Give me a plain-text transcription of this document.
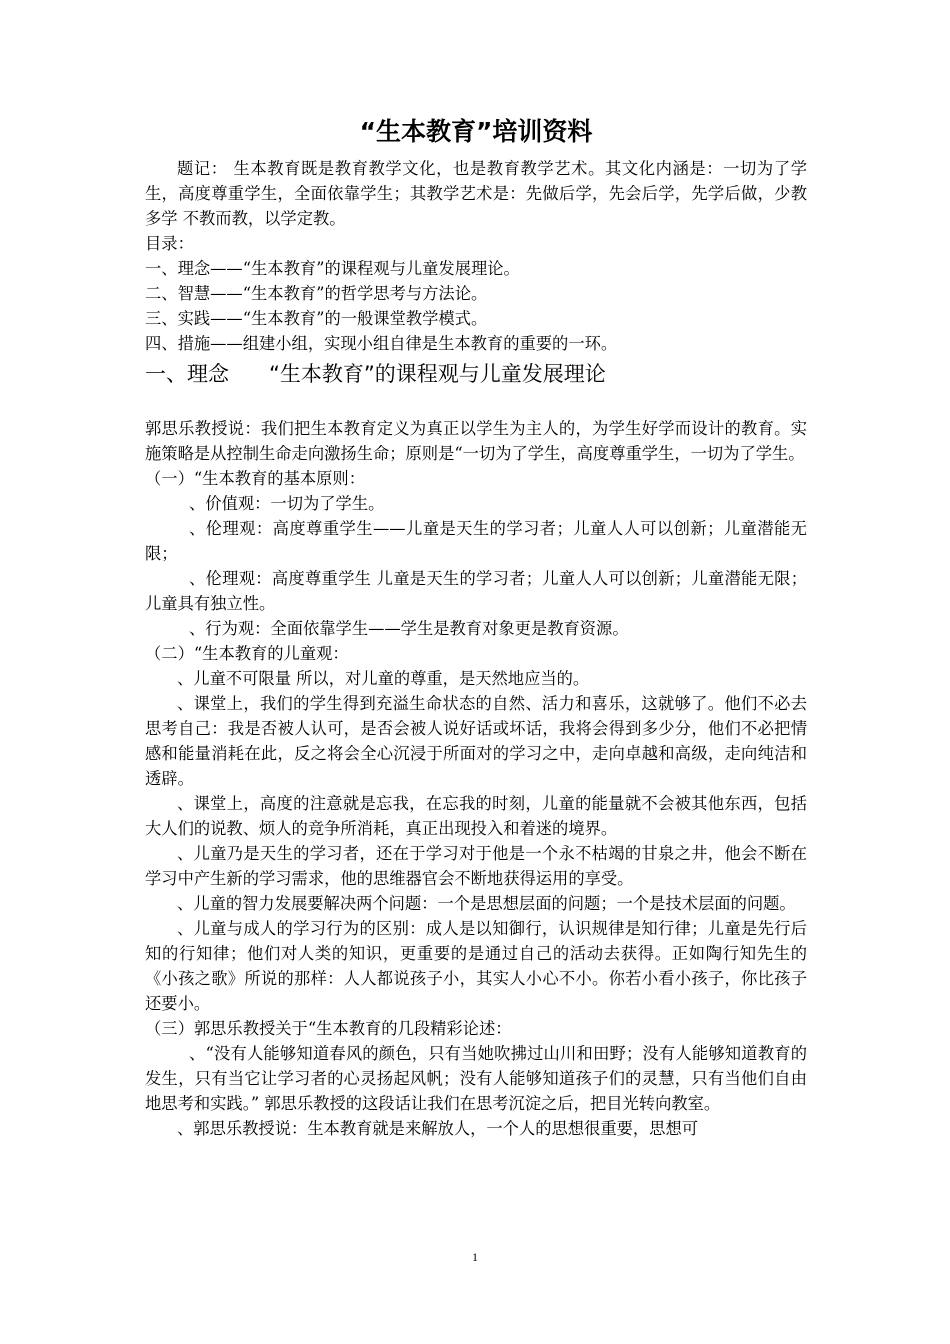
“生本教育”培训资料

题记： 生本教育既是教育教学文化，也是教育教学艺术。其文化内涵是：一切为了学生，高度尊重学生，全面依靠学生；其教学艺术是：先做后学，先会后学，先学后做，少教多学 不教而教，以学定教。

目录：

一、理念——“生本教育”的课程观与儿童发展理论。

二、智慧——“生本教育”的哲学思考与方法论。

三、实践——“生本教育”的一般课堂教学模式。

四、措施——组建小组，实现小组自律是生本教育的重要的一环。

一、理念      “生本教育”的课程观与儿童发展理论

郭思乐教授说：我们把生本教育定义为真正以学生为主人的，为学生好学而设计的教育。实施策略是从控制生命走向激扬生命；原则是“一切为了学生，高度尊重学生，一切为了学生。

（一）“生本教育的基本原则：

、价值观：一切为了学生。

、伦理观：高度尊重学生——儿童是天生的学习者；儿童人人可以创新；儿童潜能无限；

、伦理观：高度尊重学生 儿童是天生的学习者；儿童人人可以创新；儿童潜能无限；儿童具有独立性。

、行为观：全面依靠学生——学生是教育对象更是教育资源。

（二）“生本教育的儿童观：

、儿童不可限量 所以，对儿童的尊重，是天然地应当的。

、课堂上，我们的学生得到充溢生命状态的自然、活力和喜乐，这就够了。他们不必去思考自己：我是否被人认可，是否会被人说好话或坏话，我将会得到多少分，他们不必把情感和能量消耗在此，反之将会全心沉浸于所面对的学习之中，走向卓越和高级，走向纯洁和透辟。

、课堂上，高度的注意就是忘我，在忘我的时刻，儿童的能量就不会被其他东西，包括大人们的说教、烦人的竞争所消耗，真正出现投入和着迷的境界。

、儿童乃是天生的学习者，还在于学习对于他是一个永不枯竭的甘泉之井，他会不断在学习中产生新的学习需求，他的思维器官会不断地获得运用的享受。

、儿童的智力发展要解决两个问题：一个是思想层面的问题；一个是技术层面的问题。

、儿童与成人的学习行为的区别：成人是以知御行，认识规律是知行律；儿童是先行后知的行知律；他们对人类的知识，更重要的是通过自己的活动去获得。正如陶行知先生的《小孩之歌》所说的那样：人人都说孩子小，其实人小心不小。你若小看小孩子，你比孩子还要小。

（三）郭思乐教授关于“生本教育的几段精彩论述：

、“没有人能够知道春风的颜色，只有当她吹拂过山川和田野；没有人能够知道教育的发生，只有当它让学习者的心灵扬起风帆；没有人能够知道孩子们的灵慧，只有当他们自由地思考和实践。” 郭思乐教授的这段话让我们在思考沉淀之后，把目光转向教室。

、郭思乐教授说：生本教育就是来解放人，一个人的思想很重要，思想可

1
